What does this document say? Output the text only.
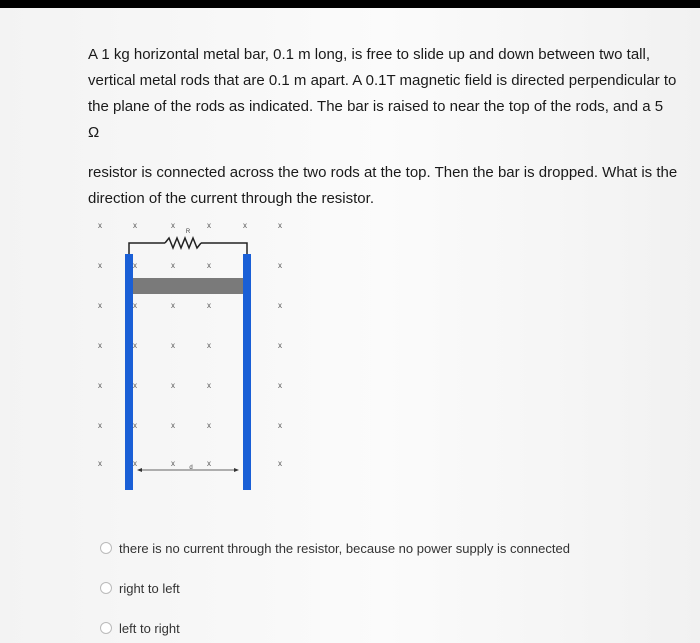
A 1 kg horizontal metal bar, 0.1 m long, is free to slide up and down between two tall, vertical metal rods that are 0.1 m apart. A 0.1T magnetic field is directed perpendicular to the plane of the rods as indicated. The bar is raised to near the top of the rods, and a 5 Ω

resistor is connected across the two rods at the top. Then the bar is dropped. What is the direction of the current through the resistor.

x	x
x	x	x	x	x
x	x	x	x	x
x	x	x	x	x
x	x	x	x	x
x	x	x	x	x
x	x	x	x	x
x	x	x	x
R
d
there is no current through the resistor, because no power supply is connected
right to left
left to right
